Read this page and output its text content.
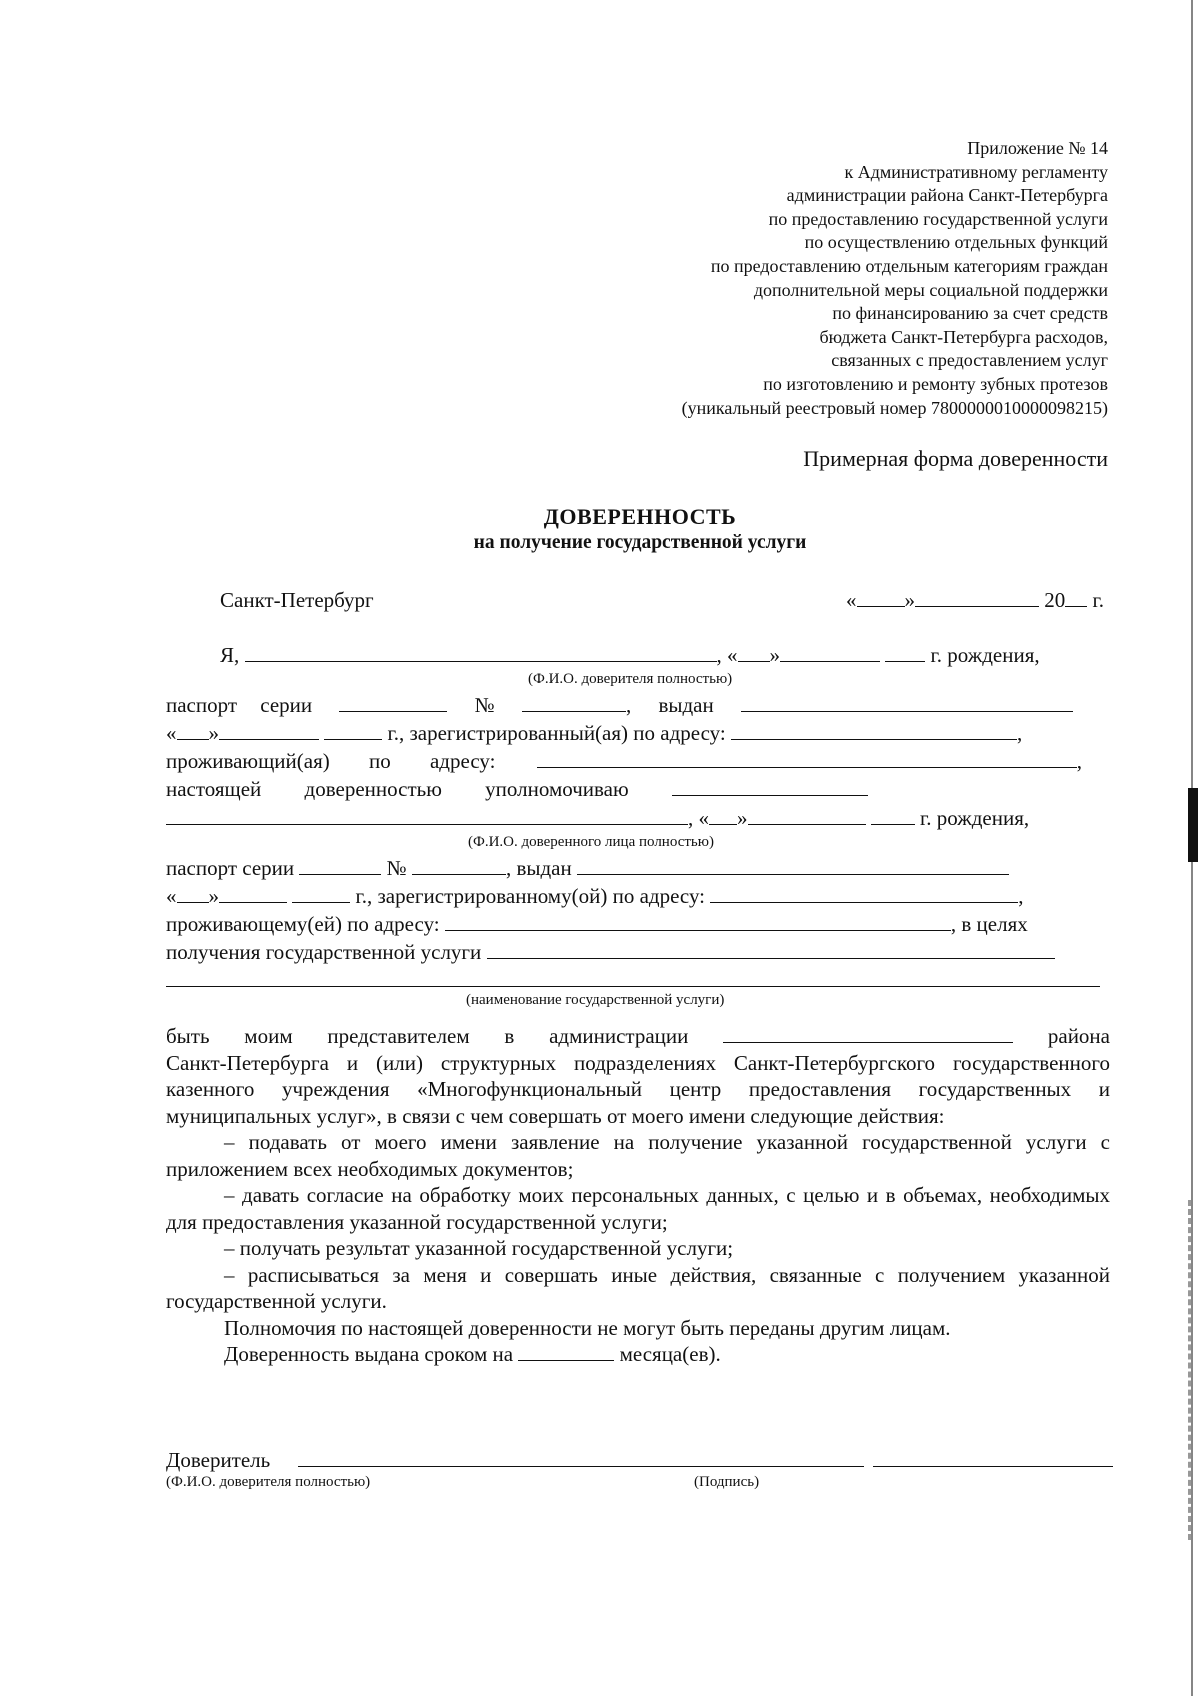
Приложение № 14
к Административному регламенту
администрации района Санкт-Петербурга
по предоставлению государственной услуги
по осуществлению отдельных функций
по предоставлению отдельным категориям граждан
дополнительной меры социальной поддержки
по финансированию за счет средств
бюджета Санкт-Петербурга расходов,
связанных с предоставлением услуг
по изготовлению и ремонту зубных протезов
(уникальный реестровый номер 7800000010000098215)
Примерная форма доверенности
ДОВЕРЕННОСТЬ
на получение государственной услуги
Санкт-Петербург	« »	20 г.
Я,	, « »	г. рождения,
(Ф.И.О. доверителя полностью)
паспорт серии	№	, выдан
« »	г., зарегистрированный(ая) по адресу:	,
проживающий(ая) по адресу:	,
настоящей доверенностью уполномочиваю
, « »	г. рождения,
(Ф.И.О. доверенного лица полностью)
паспорт серии	№	, выдан
« »	г., зарегистрированному(ой) по адресу:	,
проживающему(ей) по адресу:	, в целях
получения государственной услуги
(наименование государственной услуги)
быть моим представителем в администрации	района
Санкт-Петербурга и (или) структурных подразделениях Санкт-Петербургского государственного казенного учреждения «Многофункциональный центр предоставления государственных и муниципальных услуг», в связи с чем совершать от моего имени следующие действия:
– подавать от моего имени заявление на получение указанной государственной услуги с приложением всех необходимых документов;
– давать согласие на обработку моих персональных данных, с целью и в объемах, необходимых для предоставления указанной государственной услуги;
– получать результат указанной государственной услуги;
– расписываться за меня и совершать иные действия, связанные с получением указанной государственной услуги.
Полномочия по настоящей доверенности не могут быть переданы другим лицам.
Доверенность выдана сроком на	месяца(ев).
Доверитель
(Ф.И.О. доверителя полностью)	(Подпись)
